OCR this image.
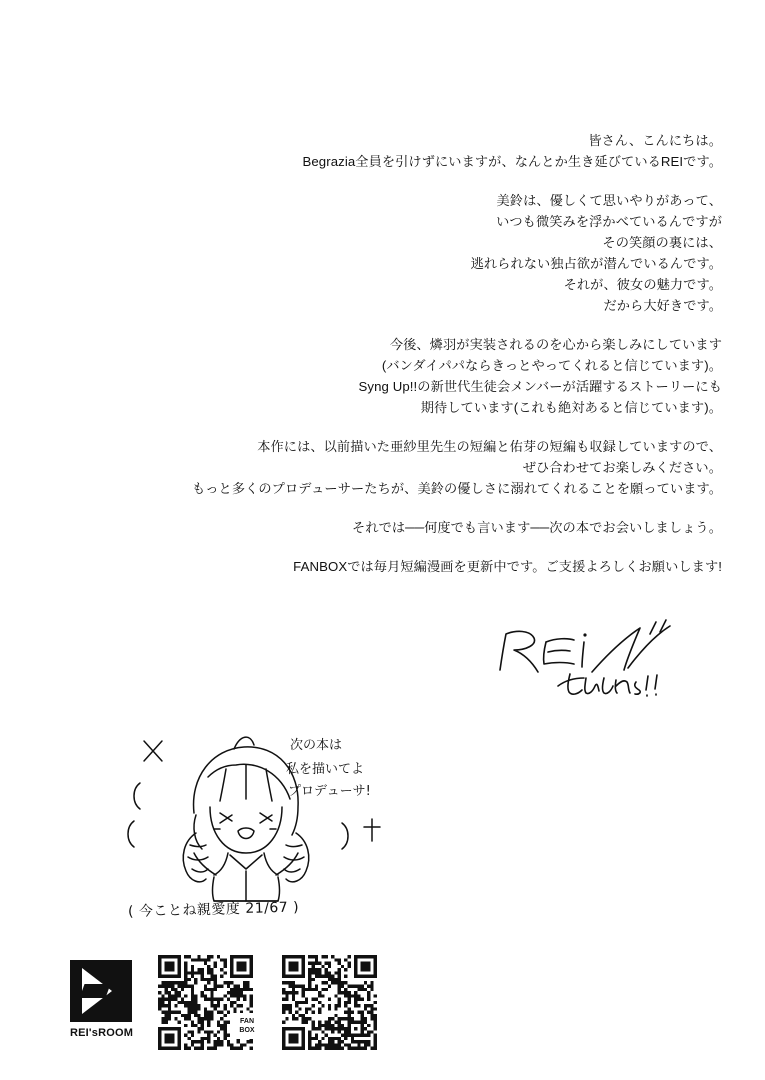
皆さん、こんにちは。
Begrazia全員を引けずにいますが、なんとか生き延びているREIです。
美鈴は、優しくて思いやりがあって、
いつも微笑みを浮かべているんですが
その笑顔の裏には、
逃れられない独占欲が潜んでいるんです。
それが、彼女の魅力です。
だから大好きです。
今後、燐羽が実装されるのを心から楽しみにしています
(バンダイパパならきっとやってくれると信じています)。
Syng Up!!の新世代生徒会メンバーが活躍するストーリーにも
期待しています(これも絶対あると信じています)。
本作には、以前描いた亜紗里先生の短編と佑芽の短編も収録していますので、
ぜひ合わせてお楽しみください。
もっと多くのプロデューサーたちが、美鈴の優しさに溺れてくれることを願っています。
それでは──何度でも言います──次の本でお会いしましょう。
FANBOXでは毎月短編漫画を更新中です。ご支援よろしくお願いします!
次の本は
私を描いてよ
プロデューサ!
( 今ことね親愛度 21/67 )
REI'sROOM
FAN
BOX
